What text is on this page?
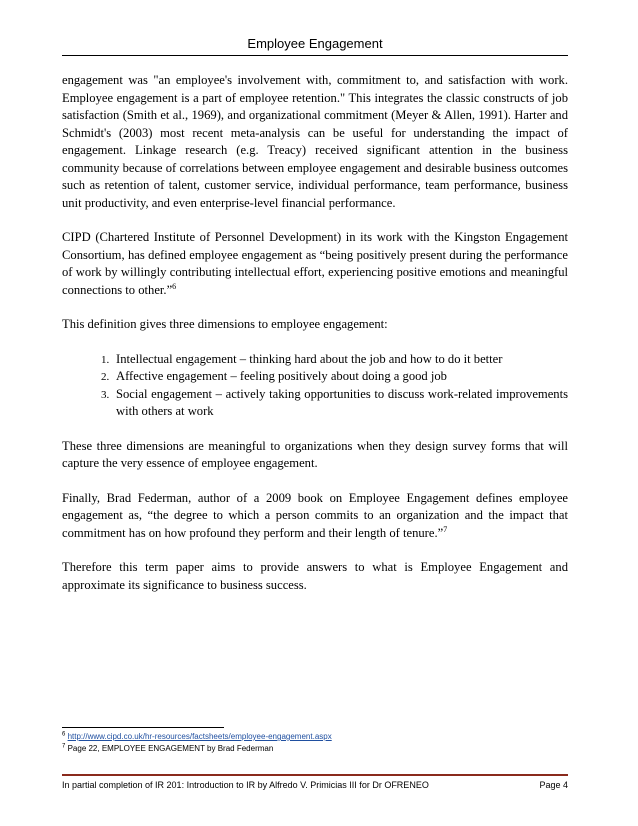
Employee Engagement

engagement was "an employee's involvement with, commitment to, and satisfaction with work. Employee engagement is a part of employee retention." This integrates the classic constructs of job satisfaction (Smith et al., 1969), and organizational commitment (Meyer & Allen, 1991). Harter and Schmidt's (2003) most recent meta-analysis can be useful for understanding the impact of engagement. Linkage research (e.g. Treacy) received significant attention in the business community because of correlations between employee engagement and desirable business outcomes such as retention of talent, customer service, individual performance, team performance, business unit productivity, and even enterprise-level financial performance.

CIPD (Chartered Institute of Personnel Development) in its work with the Kingston Engagement Consortium, has defined employee engagement as “being positively present during the performance of work by willingly contributing intellectual effort, experiencing positive emotions and meaningful connections to other.”$^6$

This definition gives three dimensions to employee engagement:

1. Intellectual engagement – thinking hard about the job and how to do it better
2. Affective engagement – feeling positively about doing a good job
3. Social engagement – actively taking opportunities to discuss work-related improvements with others at work

These three dimensions are meaningful to organizations when they design survey forms that will capture the very essence of employee engagement.

Finally, Brad Federman, author of a 2009 book on Employee Engagement defines employee engagement as, “the degree to which a person commits to an organization and the impact that commitment has on how profound they perform and their length of tenure.”$^7$

Therefore this term paper aims to provide answers to what is Employee Engagement and approximate its significance to business success.

$^6$ http://www.cipd.co.uk/hr-resources/factsheets/employee-engagement.aspx
$^7$ Page 22, EMPLOYEE ENGAGEMENT by Brad Federman
In partial completion of IR 201: Introduction to IR by Alfredo V. Primicias III for Dr OFRENEO	Page 4
